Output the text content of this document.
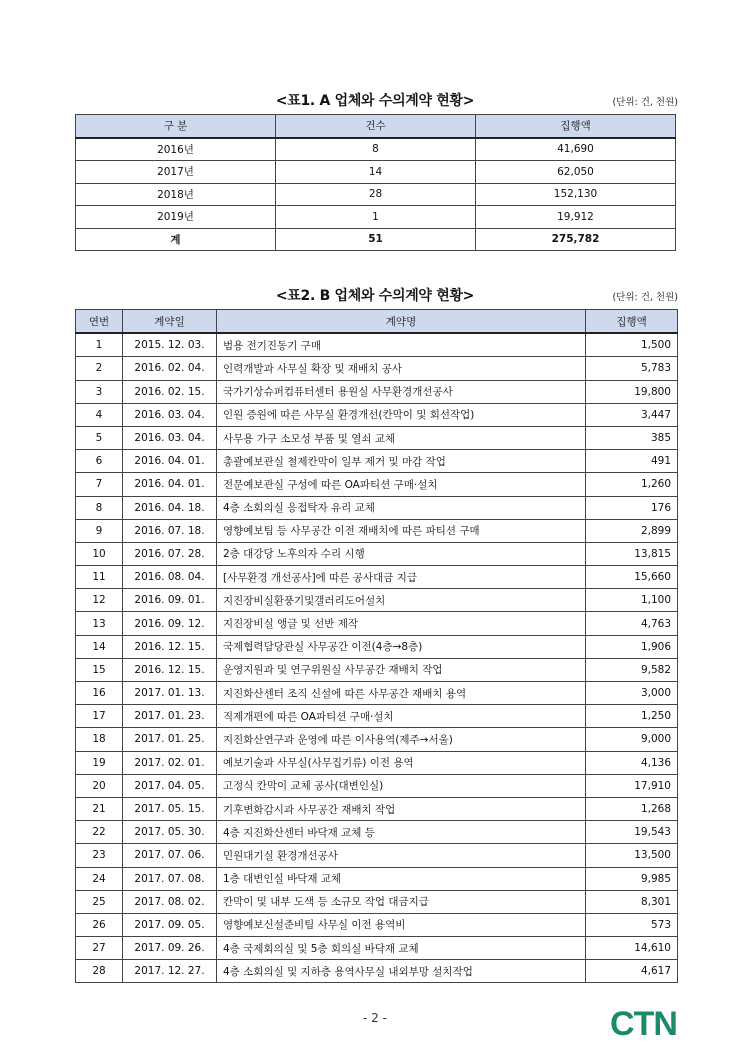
<표1. A 업체와 수의계약 현황>	(단위: 건, 천원)
구 분	건수	집행액
2016년	8	41,690
2017년	14	62,050
2018년	28	152,130
2019년	1	19,912
계	51	275,782
<표2. B 업체와 수의계약 현황>	(단위: 건, 천원)
연번	계약일	계약명	집행액
1	2015. 12. 03.	범용 전기진동기 구매	1,500
2	2016. 02. 04.	인력개발과 사무실 확장 및 재배치 공사	5,783
3	2016. 02. 15.	국가기상슈퍼컴퓨터센터 용원실 사무환경개선공사	19,800
4	2016. 03. 04.	인원 증원에 따른 사무실 환경개선(칸막이 및 회선작업)	3,447
5	2016. 03. 04.	사무용 가구 소모성 부품 및 열쇠 교체	385
6	2016. 04. 01.	총괄예보관실 철제칸막이 일부 제거 및 마감 작업	491
7	2016. 04. 01.	전문예보관실 구성에 따른 OA파티션 구매·설치	1,260
8	2016. 04. 18.	4층 소회의실 응접탁자 유리 교체	176
9	2016. 07. 18.	영향예보팀 등 사무공간 이전 재배치에 따른 파티션 구매	2,899
10	2016. 07. 28.	2층 대강당 노후의자 수리 시행	13,815
11	2016. 08. 04.	[사무환경 개선공사]에 따른 공사대금 지급	15,660
12	2016. 09. 01.	지진장비실환풍기및갤러리도어설치	1,100
13	2016. 09. 12.	지진장비실 앵글 및 선반 제작	4,763
14	2016. 12. 15.	국제협력담당관실 사무공간 이전(4층→8층)	1,906
15	2016. 12. 15.	운영지원과 및 연구위원실 사무공간 재배치 작업	9,582
16	2017. 01. 13.	지진화산센터 조직 신설에 따른 사무공간 재배치 용역	3,000
17	2017. 01. 23.	직제개편에 따른 OA파티션 구매·설치	1,250
18	2017. 01. 25.	지진화산연구과 운영에 따른 이사용역(제주→서울)	9,000
19	2017. 02. 01.	예보기술과 사무실(사무집기류) 이전 용역	4,136
20	2017. 04. 05.	고정식 칸막이 교체 공사(대변인실)	17,910
21	2017. 05. 15.	기후변화감시과 사무공간 재배치 작업	1,268
22	2017. 05. 30.	4층 지진화산센터 바닥재 교체 등	19,543
23	2017. 07. 06.	민원대기실 환경개선공사	13,500
24	2017. 07. 08.	1층 대변인실 바닥재 교체	9,985
25	2017. 08. 02.	칸막이 및 내부 도색 등 소규모 작업 대금지급	8,301
26	2017. 09. 05.	영향예보신설준비팀 사무실 이전 용역비	573
27	2017. 09. 26.	4층 국제회의실 및 5층 회의실 바닥재 교체	14,610
28	2017. 12. 27.	4층 소회의실 및 지하층 용역사무실 내외부망 설치작업	4,617
- 2 -	CTN
